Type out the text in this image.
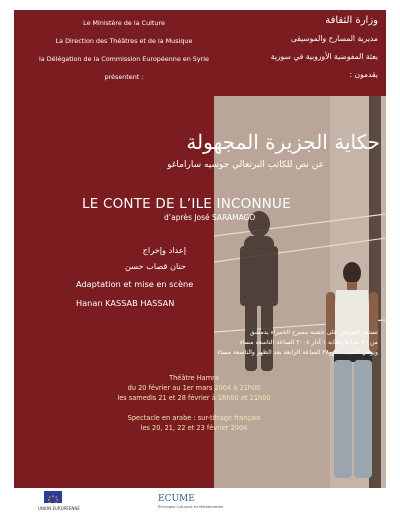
Le Ministère de la Culture
La Direction des Théâtres et de la Musique
la Délégation de la Commission Européenne en Syrie
présentent :
وزارة الثقافة
مديرية المسارح والموسيقى
بعثة المفوضية الأوروبية في سورية
يقدمون :
حكاية الجزيرة المجهولة
عن نص للكاتب البرتغالي جوسيه ساراماغو
LE CONTE DE L’ILE INCONNUE
d’après José SARAMAGO
إعداد وإخراج
حنان قصاب حسن
Adaptation et mise en scène
Hanan KASSAB HASSAN
تستمر العروض على خشبة مسرح الحمراء بدمشق
من ٢٠ شباط ولغاية ١ آذار ٢٠٠٤ الساعة التاسعة مساء
ويومي السبت ٢١ و٢٨ الساعة الرابعة بعد الظهر والتاسعة مساء
Théâtre Hamra
du 20 février au 1er mars 2004 à 21h00
les samedis 21 et 28 février à 16h00 et 21h00
Spectacle en arabe : sur-titrage français
les 20, 21, 22 et 23 février 2004
UNION EUROPÉENNE
ECUME
Échanges Culturels en Méditerranée
